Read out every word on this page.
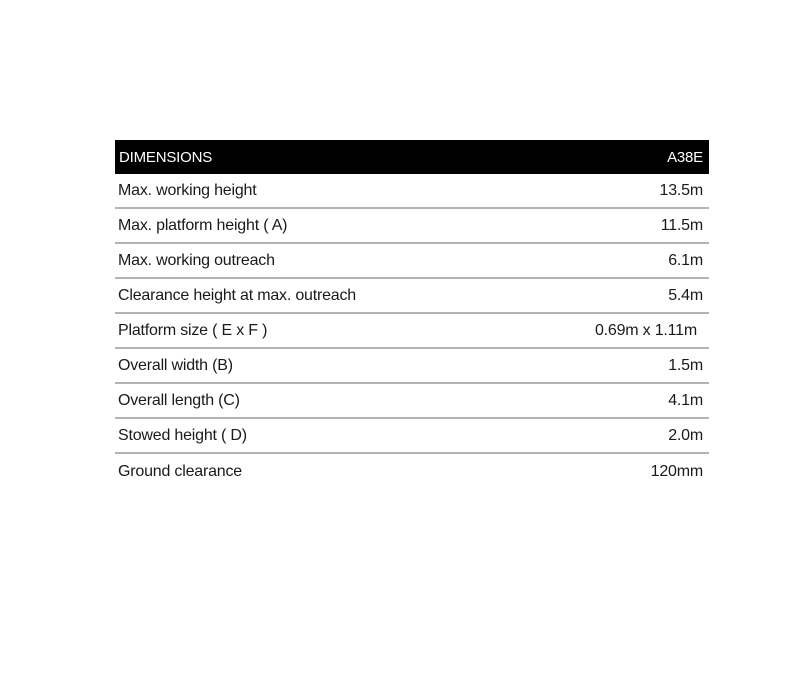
DIMENSIONS	A38E
Max. working height	13.5m
Max. platform height ( A)	11.5m
Max. working outreach	6.1m
Clearance height at max. outreach	5.4m
Platform size ( E x F )	0.69m x 1.11m
Overall width (B)	1.5m
Overall length (C)	4.1m
Stowed height ( D)	2.0m
Ground clearance	120mm
